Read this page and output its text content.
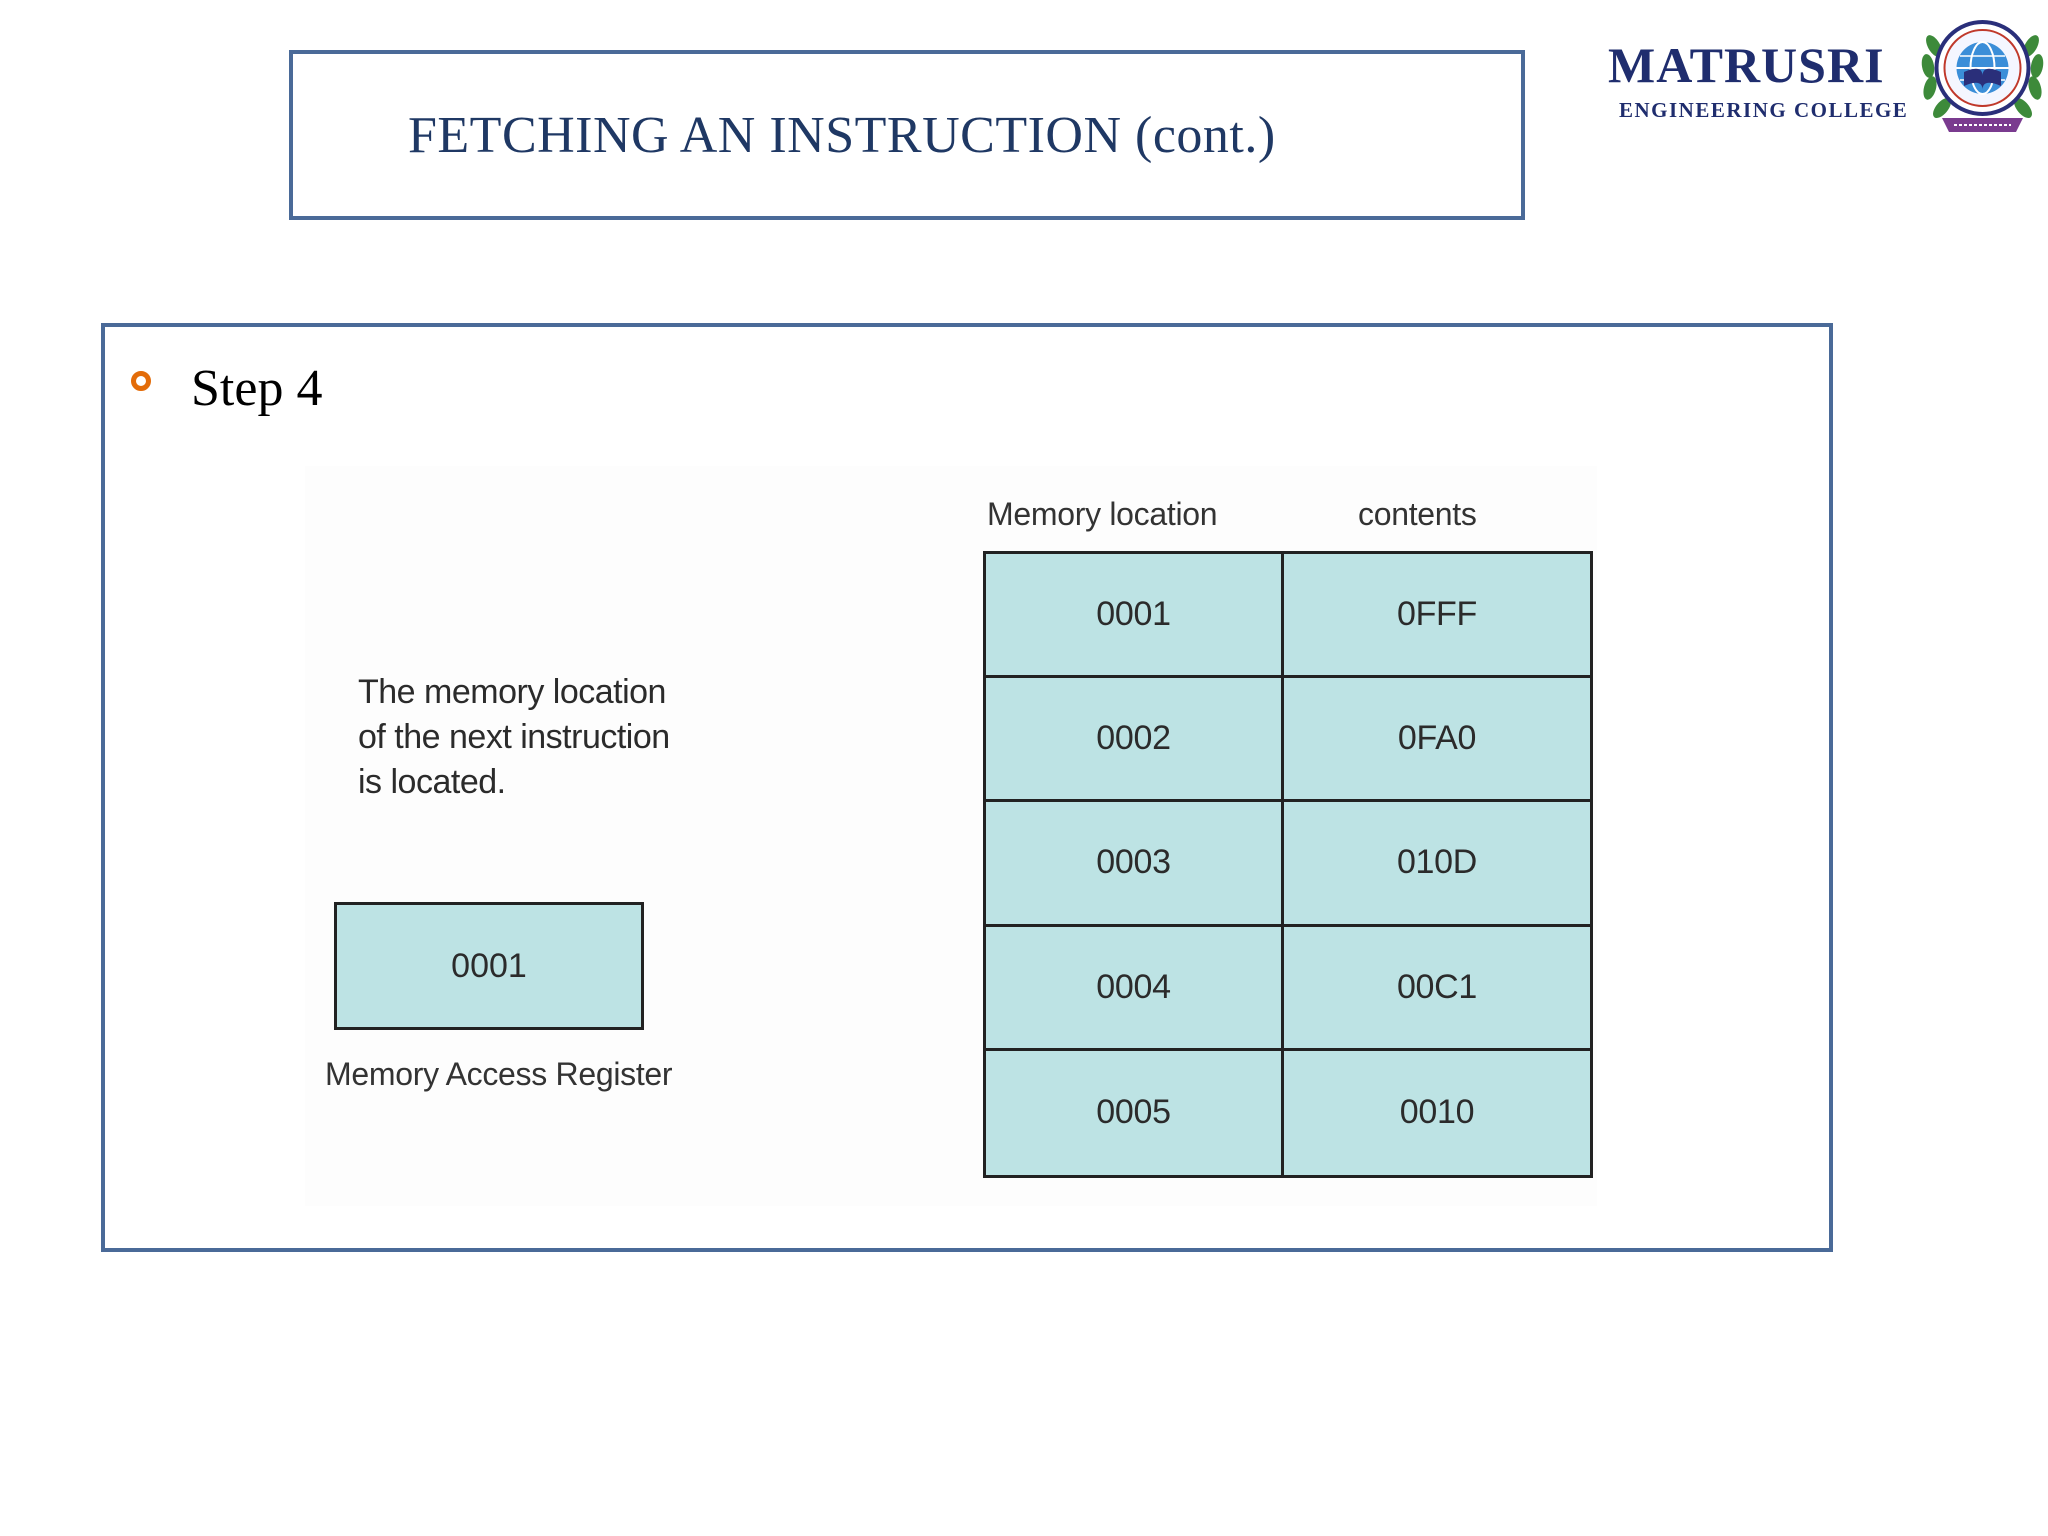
FETCHING AN INSTRUCTION (cont.)
MATRUSRI
ENGINEERING COLLEGE
Step 4
The memory location
of the next instruction
is located.
0001
Memory Access Register
Memory location	contents
0001	0FFF
0002	0FA0
0003	010D
0004	00C1
0005	0010
